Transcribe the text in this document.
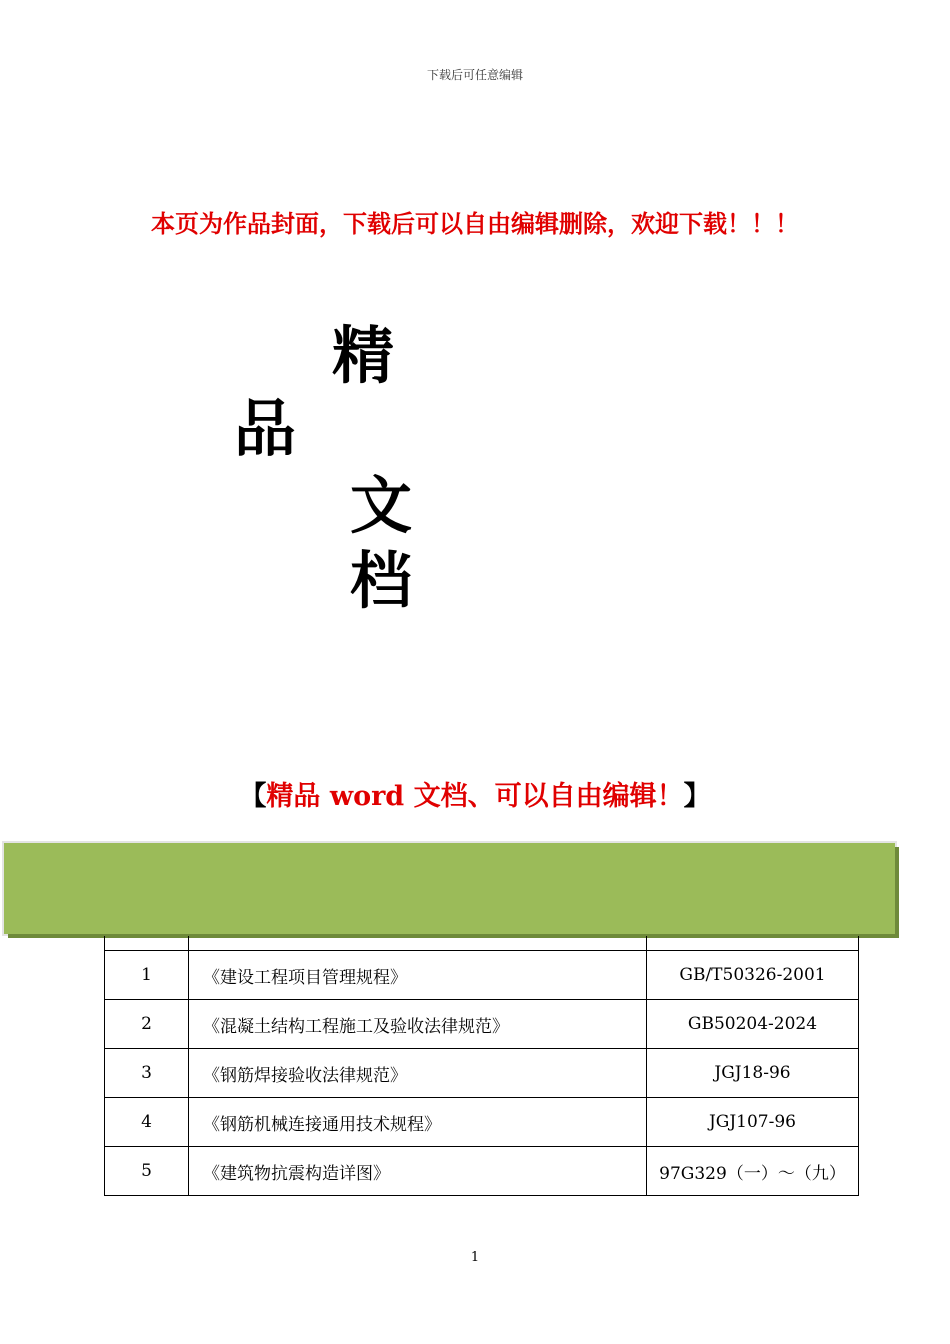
下载后可任意编辑
本页为作品封面，下载后可以自由编辑删除，欢迎下载！！！
精
品
文
档
【精品 word 文档、可以自由编辑！】

1	《建设工程项目管理规程》	GB/T50326-2001
2	《混凝土结构工程施工及验收法律规范》	GB50204-2024
3	《钢筋焊接验收法律规范》	JGJ18-96
4	《钢筋机械连接通用技术规程》	JGJ107-96
5	《建筑物抗震构造详图》	97G329（一）～（九）
1
